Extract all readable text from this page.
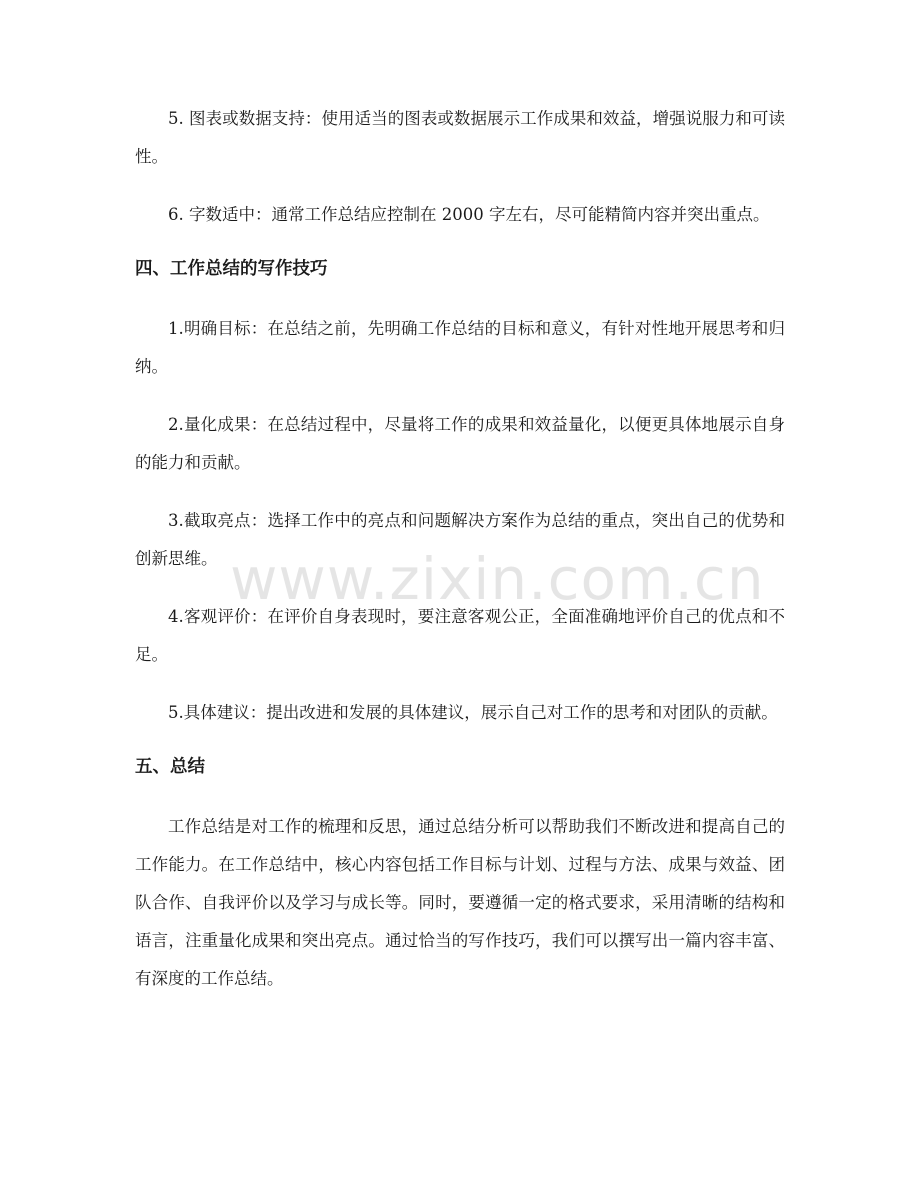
5. 图表或数据支持：使用适当的图表或数据展示工作成果和效益，增强说服力和可读性。

6. 字数适中：通常工作总结应控制在 2000 字左右，尽可能精简内容并突出重点。

四、工作总结的写作技巧

1.明确目标：在总结之前，先明确工作总结的目标和意义，有针对性地开展思考和归纳。

2.量化成果：在总结过程中，尽量将工作的成果和效益量化，以便更具体地展示自身的能力和贡献。

3.截取亮点：选择工作中的亮点和问题解决方案作为总结的重点，突出自己的优势和创新思维。

4.客观评价：在评价自身表现时，要注意客观公正，全面准确地评价自己的优点和不足。

5.具体建议：提出改进和发展的具体建议，展示自己对工作的思考和对团队的贡献。

五、总结

工作总结是对工作的梳理和反思，通过总结分析可以帮助我们不断改进和提高自己的工作能力。在工作总结中，核心内容包括工作目标与计划、过程与方法、成果与效益、团队合作、自我评价以及学习与成长等。同时，要遵循一定的格式要求，采用清晰的结构和语言，注重量化成果和突出亮点。通过恰当的写作技巧，我们可以撰写出一篇内容丰富、有深度的工作总结。

www.zixin.com.cn
